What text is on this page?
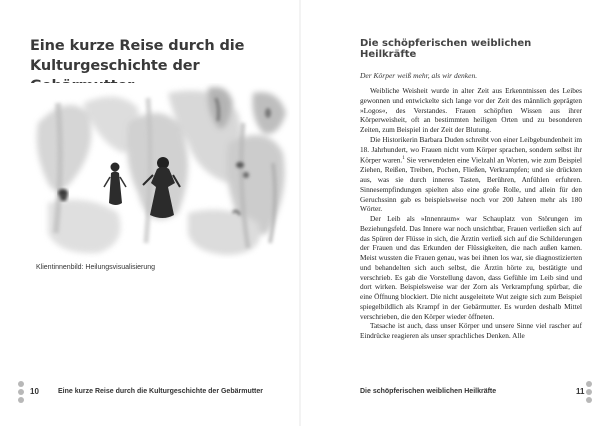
Eine kurze Reise durch die Kulturgeschichte der
Klientinnenbild: Heilungsvisualisierung
10	Eine kurze Reise durch die Kulturgeschichte der Gebärmutter
Die schöpferischen weiblichen Heilkräfte
Der Körper weiß mehr, als wir denken.

Weibliche Weisheit wurde in alter Zeit aus Erkenntnissen des Leibes gewonnen und entwickelte sich lange vor der Zeit des männlich geprägten »Logos«, des Verstandes. Frauen schöpften Wissen aus ihrer Körperweisheit, oft an bestimmten heiligen Orten und zu besonderen Zeiten, zum Beispiel in der Zeit der Blutung.

Die Historikerin Barbara Duden schreibt von einer Leibgebundenheit im 18. Jahrhundert, wo Frauen nicht vom Körper sprachen, sondern selbst ihr Körper waren.$^1$ Sie verwendeten eine Vielzahl an Worten, wie zum Beispiel Ziehen, Reißen, Treiben, Pochen, Fließen, Verkrampfen; und sie drückten aus, was sie durch inneres Tasten, Berühren, Anfühlen erfuhren. Sinnesempfindungen spielten also eine große Rolle, und allein für den Geruchssinn gab es beispielsweise noch vor 200 Jahren mehr als 180 Wörter.

Der Leib als »Innenraum« war Schauplatz von Störungen im Beziehungsfeld. Das Innere war noch unsichtbar, Frauen verließen sich auf das Spüren der Flüsse in sich, die Ärztin verließ sich auf die Schilderungen der Frauen und das Erkunden der Flüssigkeiten, die nach außen kamen. Meist wussten die Frauen genau, was bei ihnen los war, sie diagnostizierten und behandelten sich auch selbst, die Ärztin hörte zu, bestätigte und verschrieb. Es gab die Vorstellung davon, dass Gefühle im Leib sind und dort wirken. Beispielsweise war der Zorn als Verkrampfung spürbar, die eine Öffnung blockiert. Die nicht ausgeleitete Wut zeigte sich zum Beispiel spiegelbildlich als Krampf in der Gebärmutter. Es wurden deshalb Mittel verschrieben, die den Körper wieder öffneten.

Tatsache ist auch, dass unser Körper und unsere Sinne viel rascher auf Eindrücke reagieren als unser sprachliches Denken. Alle

Die schöpferischen weiblichen Heilkräfte	11
